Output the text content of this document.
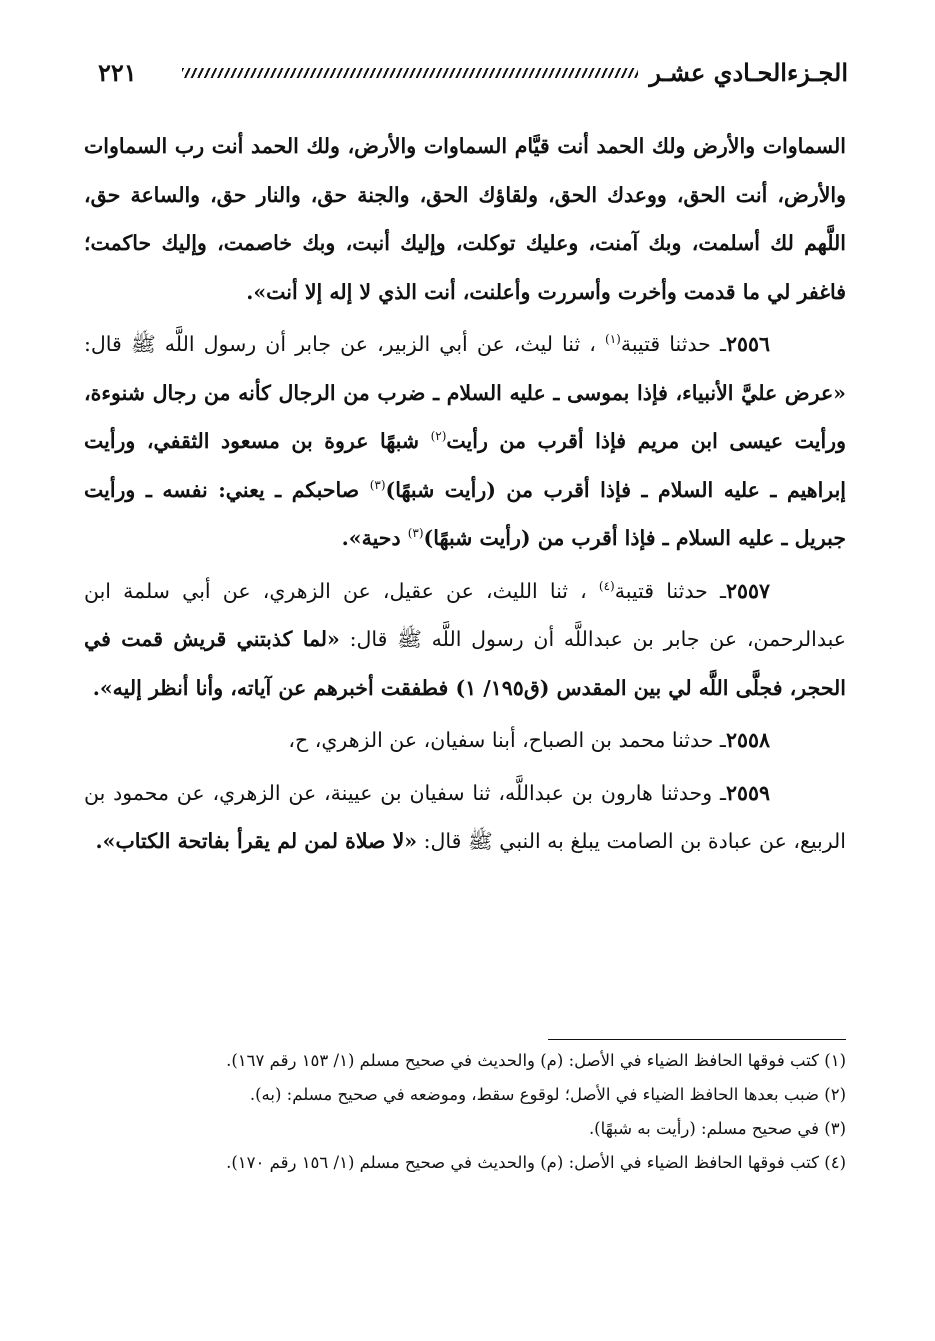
الجـزءالحـادي عشـر
٢٢١

السماوات والأرض ولك الحمد أنت قيَّام السماوات والأرض، ولك الحمد أنت رب السماوات والأرض، أنت الحق، ووعدك الحق، ولقاؤك الحق، والجنة حق، والنار حق، والساعة حق، اللَّهم لك أسلمت، وبك آمنت، وعليك توكلت، وإليك أنبت، وبك خاصمت، وإليك حاكمت؛ فاغفر لي ما قدمت وأخرت وأسررت وأعلنت، أنت الذي لا إله إلا أنت».

٢٥٥٦ـ حدثنا قتيبة$^{(١)}$ ، ثنا ليث، عن أبي الزبير، عن جابر أن رسول اللَّه ﷺ قال: «عرض عليَّ الأنبياء، فإذا بموسى ـ عليه السلام ـ ضرب من الرجال كأنه من رجال شنوءة، ورأيت عيسى ابن مريم فإذا أقرب من رأيت$^{(٢)}$ شبهًا عروة بن مسعود الثقفي، ورأيت إبراهيم ـ عليه السلام ـ فإذا أقرب من (رأيت شبهًا)$^{(٣)}$ صاحبكم ـ يعني: نفسه ـ ورأيت جبريل ـ عليه السلام ـ فإذا أقرب من (رأيت شبهًا)$^{(٣)}$ دحية».

٢٥٥٧ـ حدثنا قتيبة$^{(٤)}$ ، ثنا الليث، عن عقيل، عن الزهري، عن أبي سلمة ابن عبدالرحمن، عن جابر بن عبداللَّه أن رسول اللَّه ﷺ قال: «لما كذبتني قريش قمت في الحجر، فجلَّى اللَّه لي بين المقدس (ق١٩٥/ ١) فطفقت أخبرهم عن آياته، وأنا أنظر إليه».

٢٥٥٨ـ حدثنا محمد بن الصباح، أبنا سفيان، عن الزهري، ح،

٢٥٥٩ـ وحدثنا هارون بن عبداللَّه، ثنا سفيان بن عيينة، عن الزهري، عن محمود بن الربيع، عن عبادة بن الصامت يبلغ به النبي ﷺ قال: «لا صلاة لمن لم يقرأ بفاتحة الكتاب».

(١) كتب فوقها الحافظ الضياء في الأصل: (م) والحديث في صحيح مسلم (١/ ١٥٣ رقم ١٦٧).

(٢) ضبب بعدها الحافظ الضياء في الأصل؛ لوقوع سقط، وموضعه في صحيح مسلم: (به).

(٣) في صحيح مسلم: (رأيت به شبهًا).

(٤) كتب فوقها الحافظ الضياء في الأصل: (م) والحديث في صحيح مسلم (١/ ١٥٦ رقم ١٧٠).
